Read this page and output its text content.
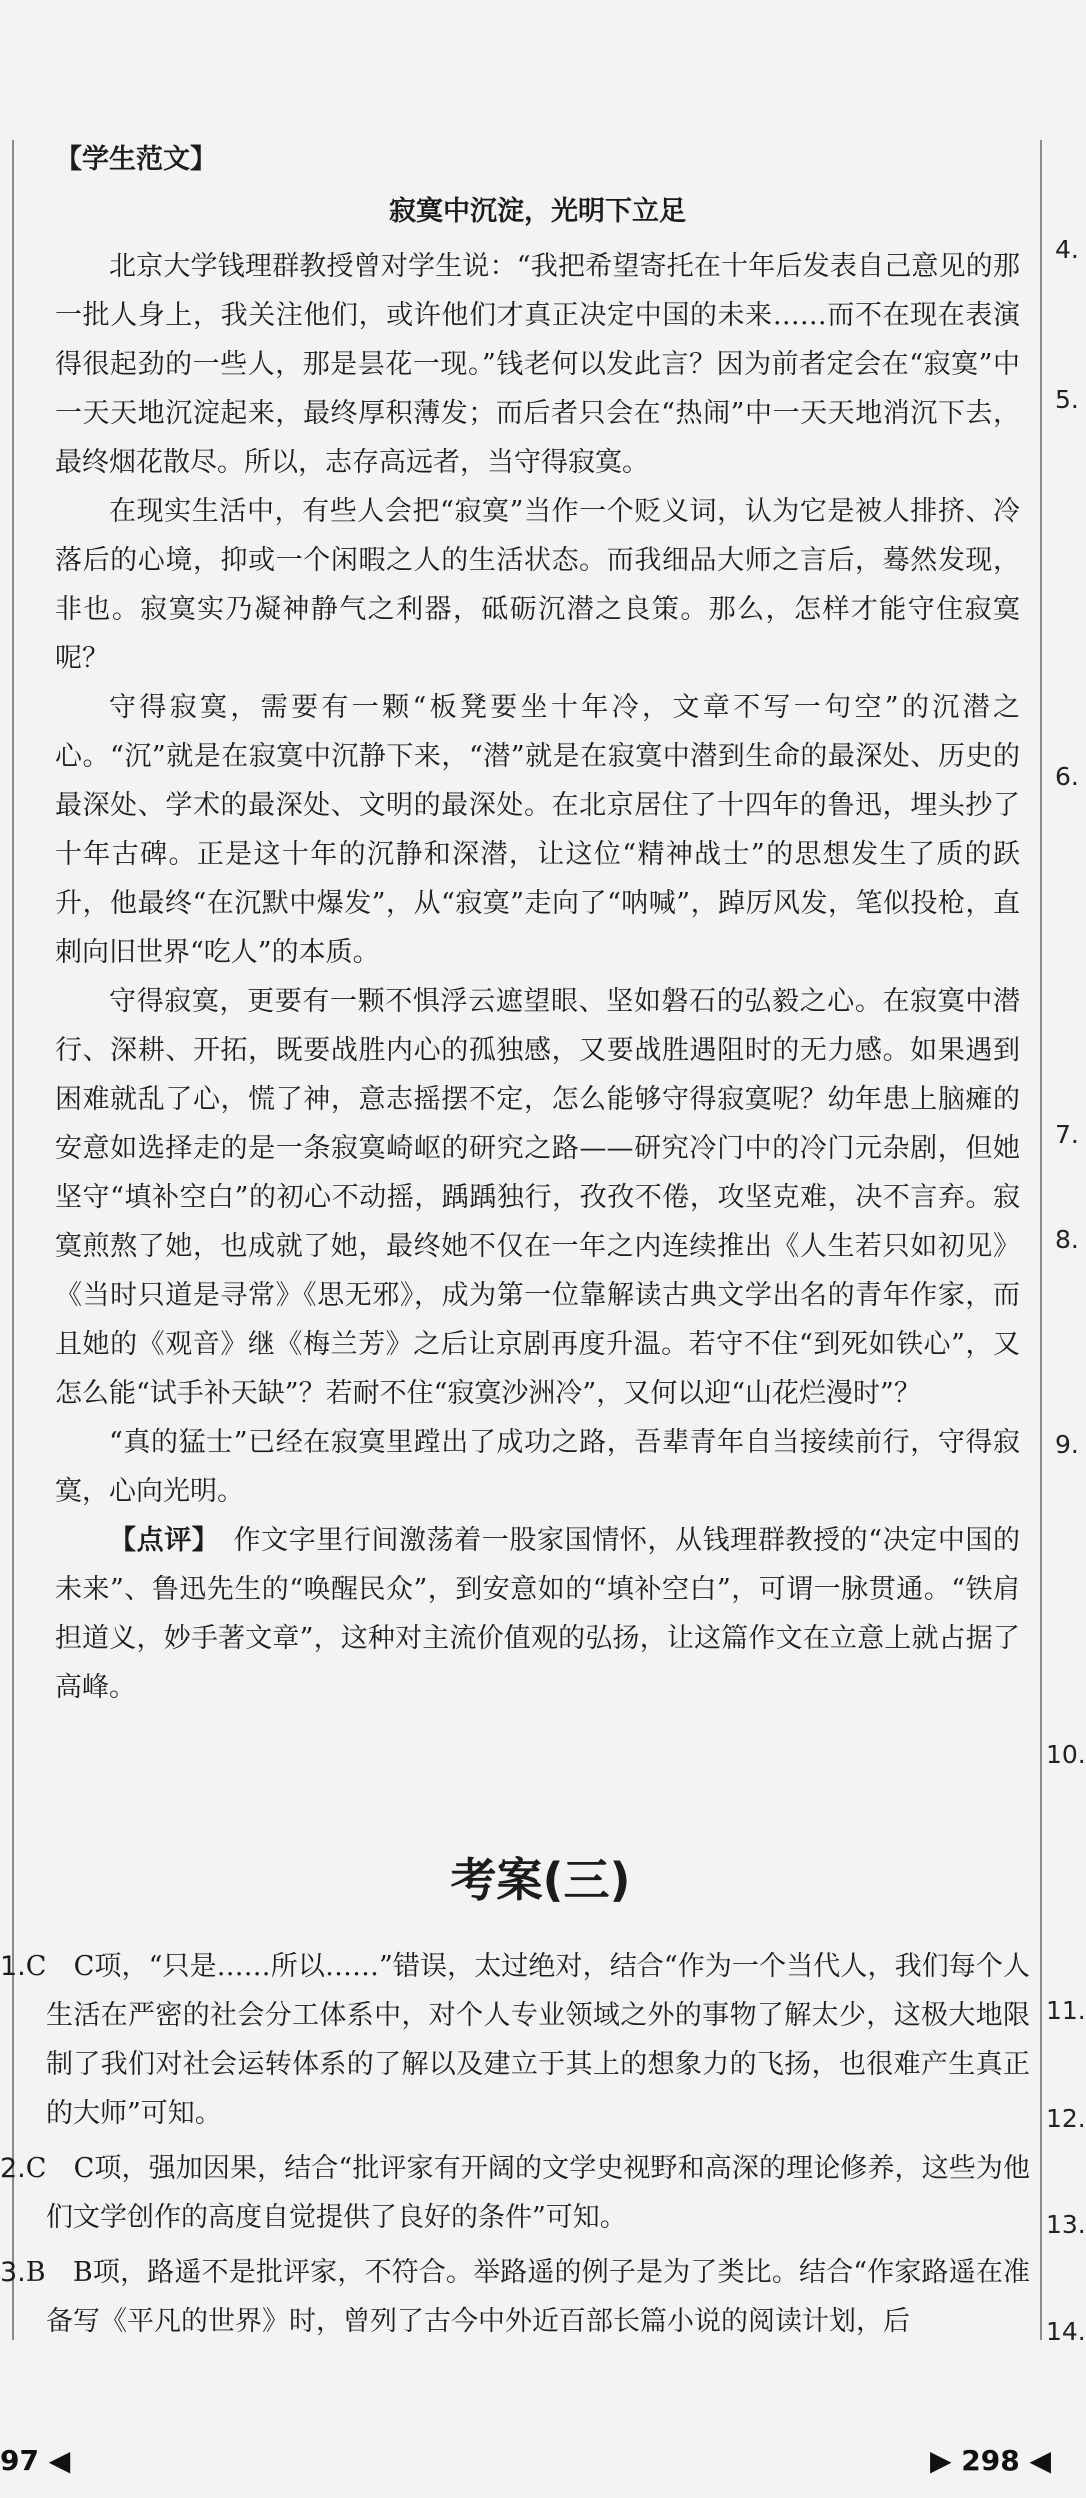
【学生范文】
寂寞中沉淀，光明下立足

北京大学钱理群教授曾对学生说：“我把希望寄托在十年后发表自己意见的那一批人身上，我关注他们，或许他们才真正决定中国的未来……而不在现在表演得很起劲的一些人，那是昙花一现。”钱老何以发此言？因为前者定会在“寂寞”中一天天地沉淀起来，最终厚积薄发；而后者只会在“热闹”中一天天地消沉下去，最终烟花散尽。所以，志存高远者，当守得寂寞。

在现实生活中，有些人会把“寂寞”当作一个贬义词，认为它是被人排挤、冷落后的心境，抑或一个闲暇之人的生活状态。而我细品大师之言后，蓦然发现，非也。寂寞实乃凝神静气之利器，砥砺沉潜之良策。那么，怎样才能守住寂寞呢？

守得寂寞，需要有一颗“板凳要坐十年冷，文章不写一句空”的沉潜之心。“沉”就是在寂寞中沉静下来，“潜”就是在寂寞中潜到生命的最深处、历史的最深处、学术的最深处、文明的最深处。在北京居住了十四年的鲁迅，埋头抄了十年古碑。正是这十年的沉静和深潜，让这位“精神战士”的思想发生了质的跃升，他最终“在沉默中爆发”，从“寂寞”走向了“呐喊”，踔厉风发，笔似投枪，直刺向旧世界“吃人”的本质。

守得寂寞，更要有一颗不惧浮云遮望眼、坚如磐石的弘毅之心。在寂寞中潜行、深耕、开拓，既要战胜内心的孤独感，又要战胜遇阻时的无力感。如果遇到困难就乱了心，慌了神，意志摇摆不定，怎么能够守得寂寞呢？幼年患上脑瘫的安意如选择走的是一条寂寞崎岖的研究之路——研究冷门中的冷门元杂剧，但她坚守“填补空白”的初心不动摇，踽踽独行，孜孜不倦，攻坚克难，决不言弃。寂寞煎熬了她，也成就了她，最终她不仅在一年之内连续推出《人生若只如初见》《当时只道是寻常》《思无邪》，成为第一位靠解读古典文学出名的青年作家，而且她的《观音》继《梅兰芳》之后让京剧再度升温。若守不住“到死如铁心”，又怎么能“试手补天缺”？若耐不住“寂寞沙洲冷”，又何以迎“山花烂漫时”？

“真的猛士”已经在寂寞里蹚出了成功之路，吾辈青年自当接续前行，守得寂寞，心向光明。

【点评】　 作文字里行间激荡着一股家国情怀，从钱理群教授的“决定中国的未来”、鲁迅先生的“唤醒民众”，到安意如的“填补空白”，可谓一脉贯通。“铁肩担道义，妙手著文章”，这种对主流价值观的弘扬，让这篇作文在立意上就占据了高峰。

考案(三)

1.C　C项，“只是……所以……”错误，太过绝对，结合“作为一个当代人，我们每个人生活在严密的社会分工体系中，对个人专业领域之外的事物了解太少，这极大地限制了我们对社会运转体系的了解以及建立于其上的想象力的飞扬，也很难产生真正的大师”可知。

2.C　C项，强加因果，结合“批评家有开阔的文学史视野和高深的理论修养，这些为他们文学创作的高度自觉提供了良好的条件”可知。

3.B　B项，路遥不是批评家，不符合。举路遥的例子是为了类比。结合“作家路遥在准备写《平凡的世界》时，曾列了古今中外近百部长篇小说的阅读计划，后

4.
5.
6.
7.
8.
9.
10.
11.
12.
13.
14.
97 ◀	▶ 298 ◀
